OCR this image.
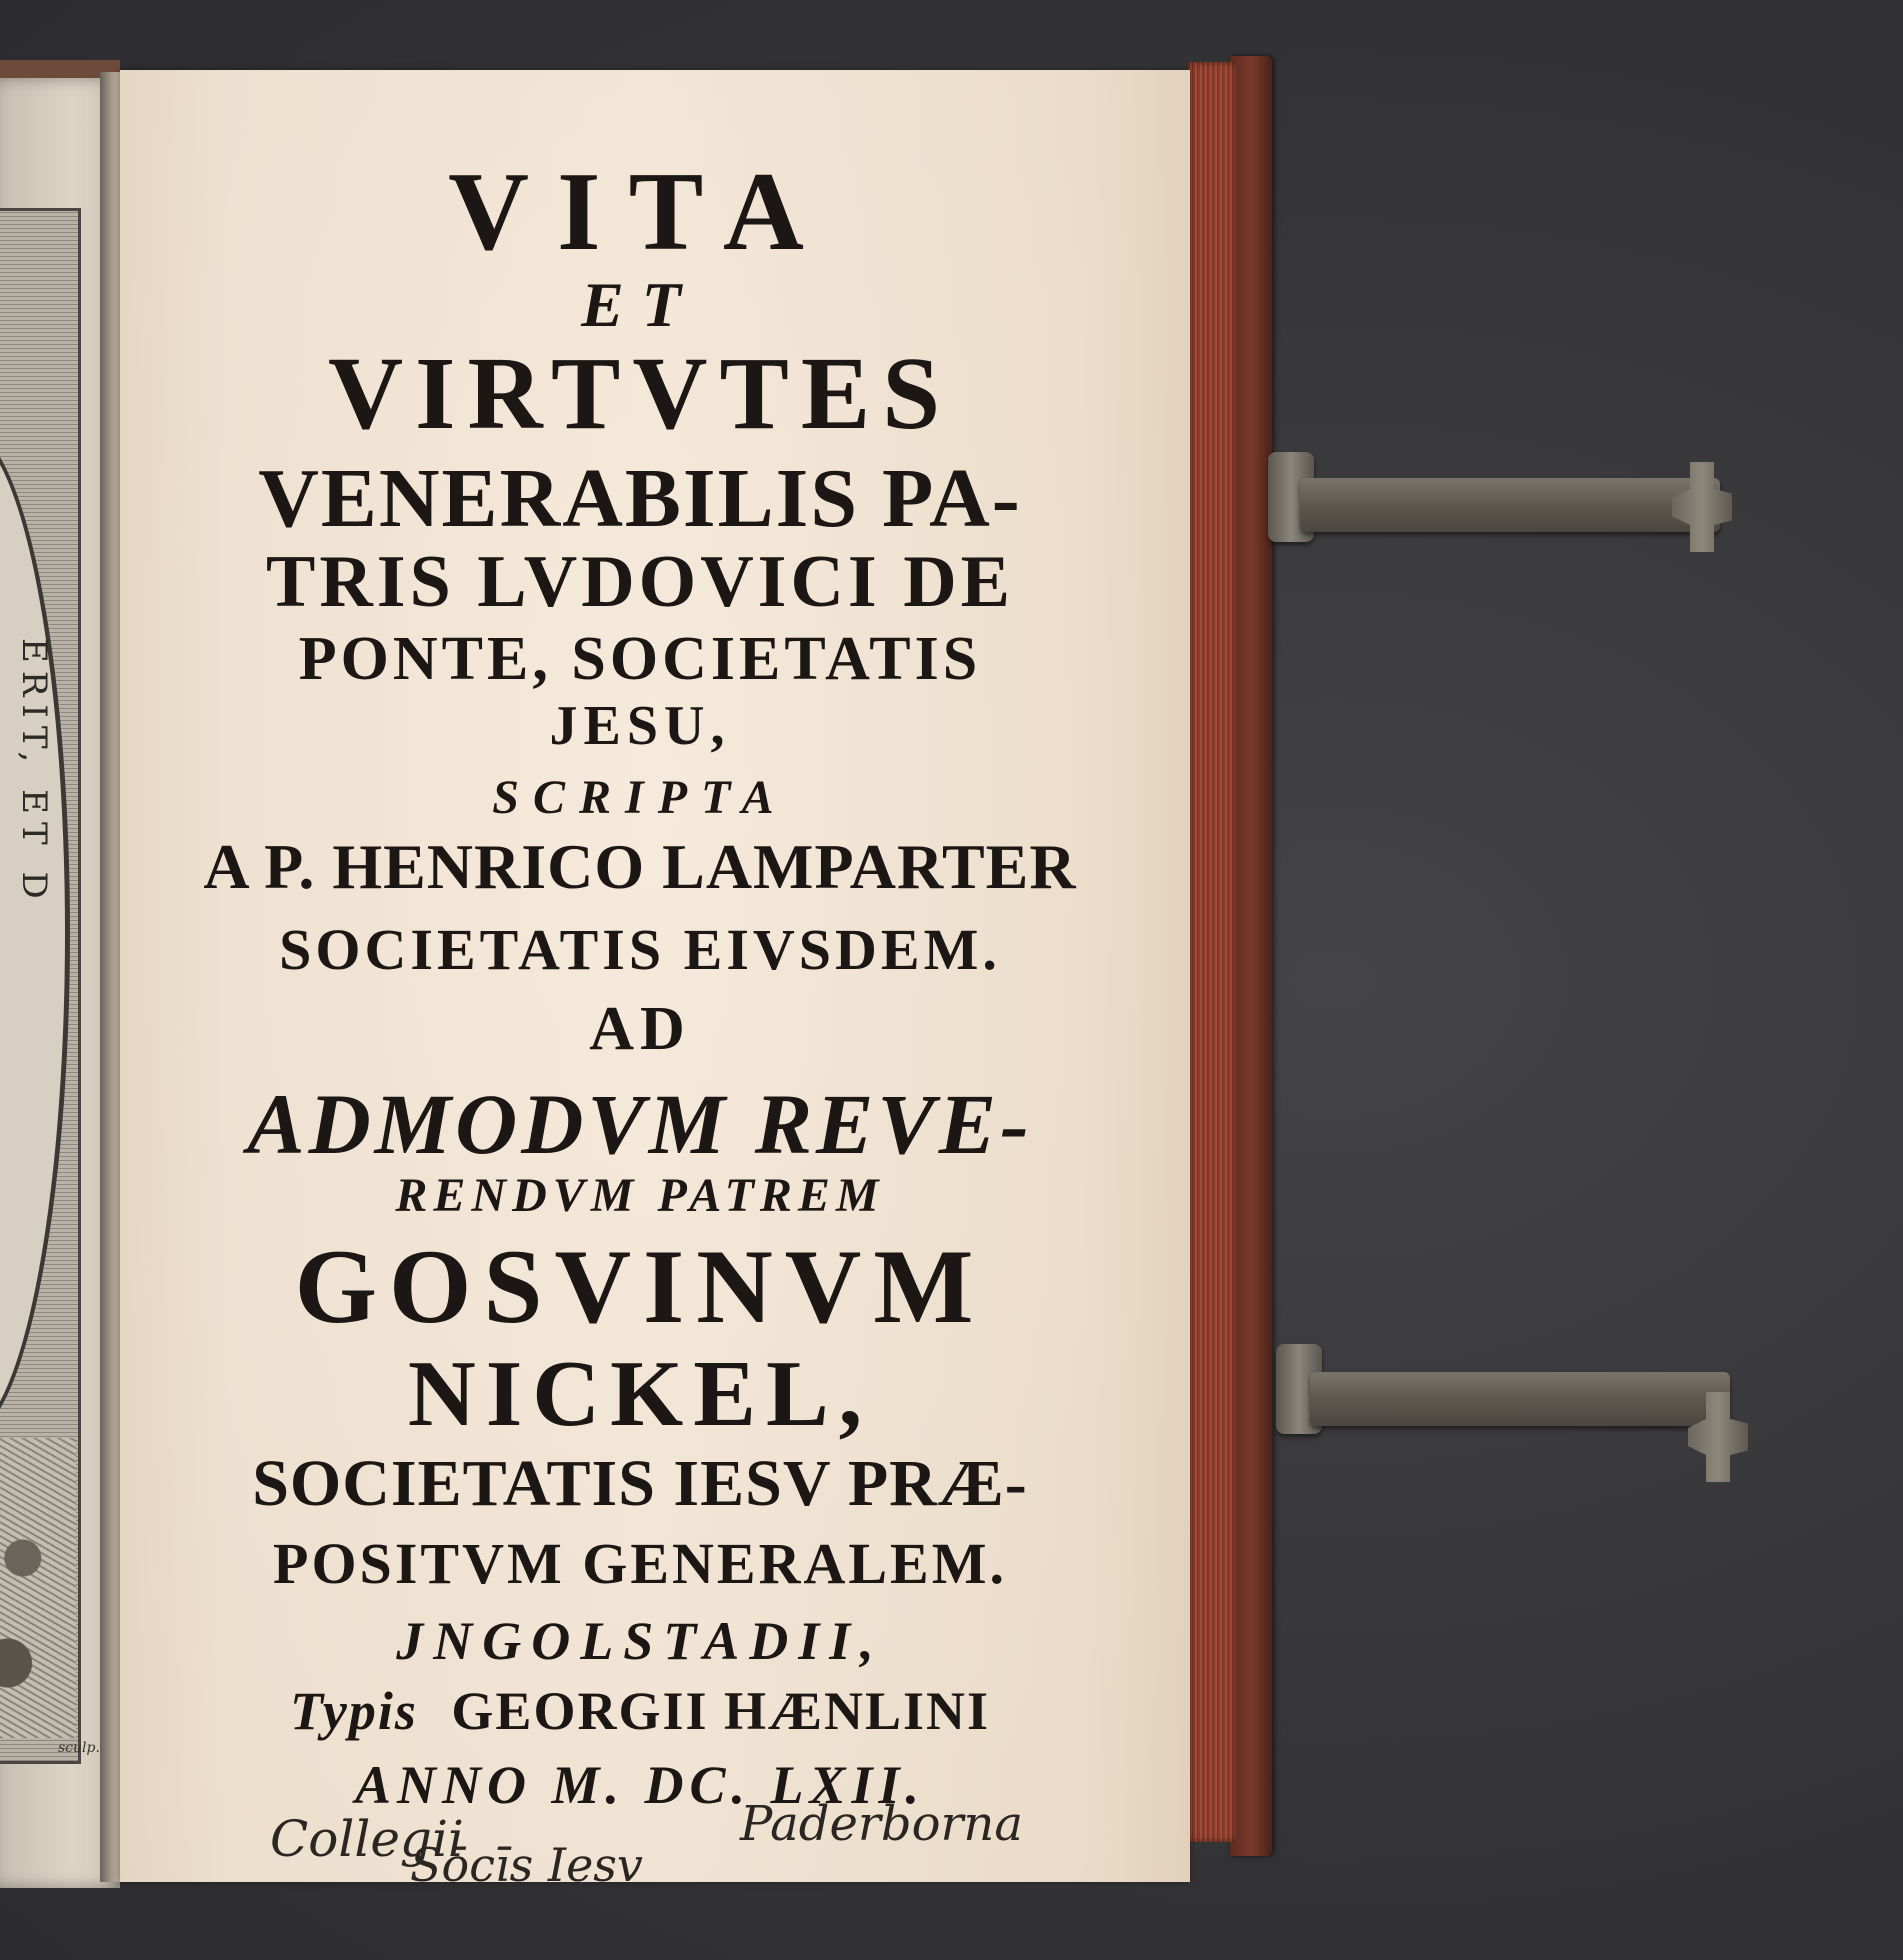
ERIT, ET D
sculp.
VITA
ET
VIRTVTES
VENERABILIS PA-
TRIS LVDOVICI DE
PONTE, SOCIETATIS
JESU,
SCRIPTA
A P. HENRICO LAMPARTER
SOCIETATIS EIVSDEM.
AD
ADMODVM REVE-
RENDVM PATREM
GOSVINVM
NICKEL,
SOCIETATIS IESV PRÆ-
POSITVM GENERALEM.
JNGOLSTADII,
Typis GEORGII HÆNLINI
ANNO M. DC. LXII.
Collegii	Paderborna
Sōcīs Iesv
